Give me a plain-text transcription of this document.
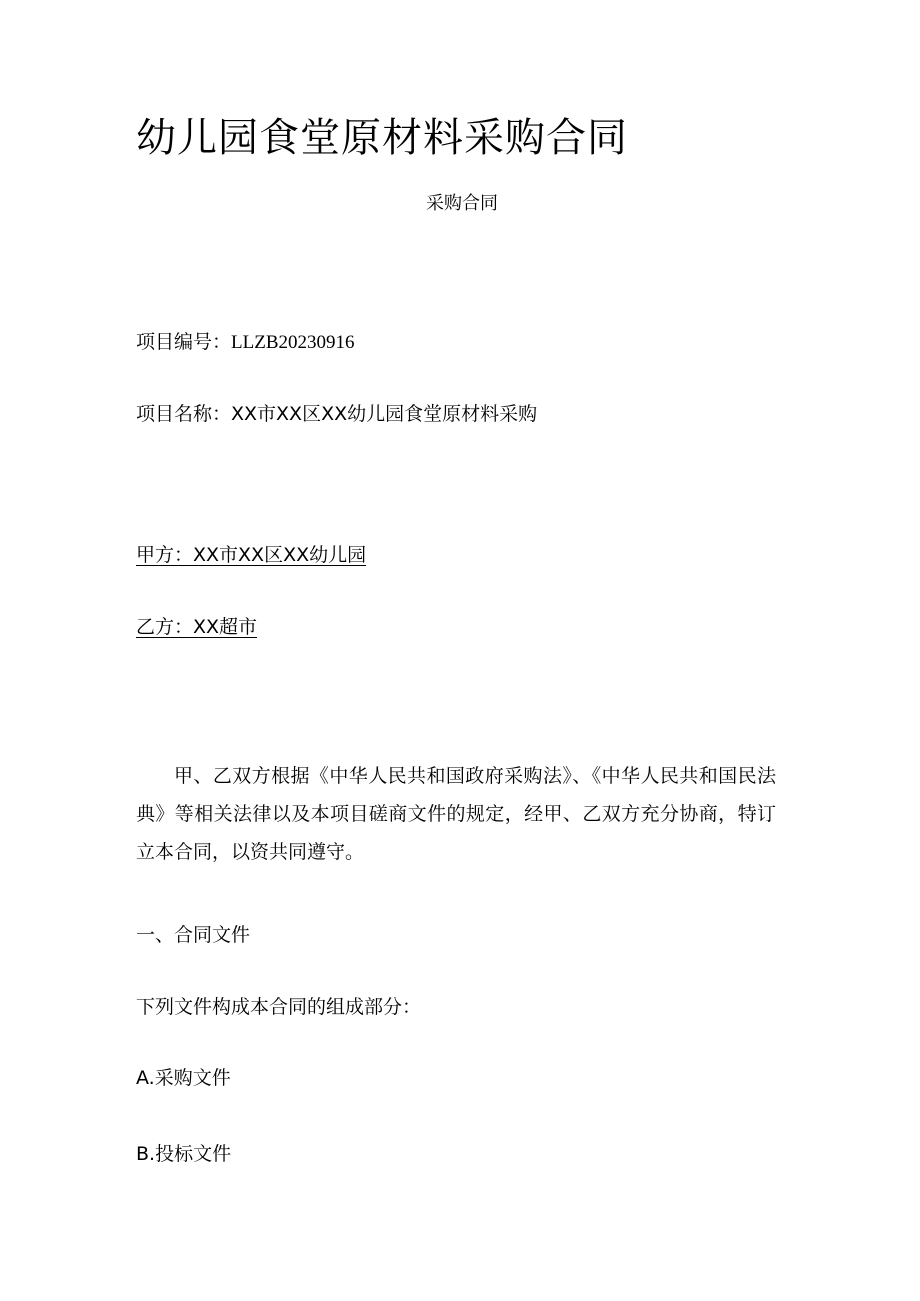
幼儿园食堂原材料采购合同
采购合同
项目编号：LLZB20230916
项目名称：XX市XX区XX幼儿园食堂原材料采购
甲方：XX市XX区XX幼儿园
乙方：XX超市
甲、乙双方根据《中华人民共和国政府采购法》、《中华人民共和国民法典》等相关法律以及本项目磋商文件的规定，经甲、乙双方充分协商，特订立本合同，以资共同遵守。
一、合同文件
下列文件构成本合同的组成部分：
A.采购文件
B.投标文件
